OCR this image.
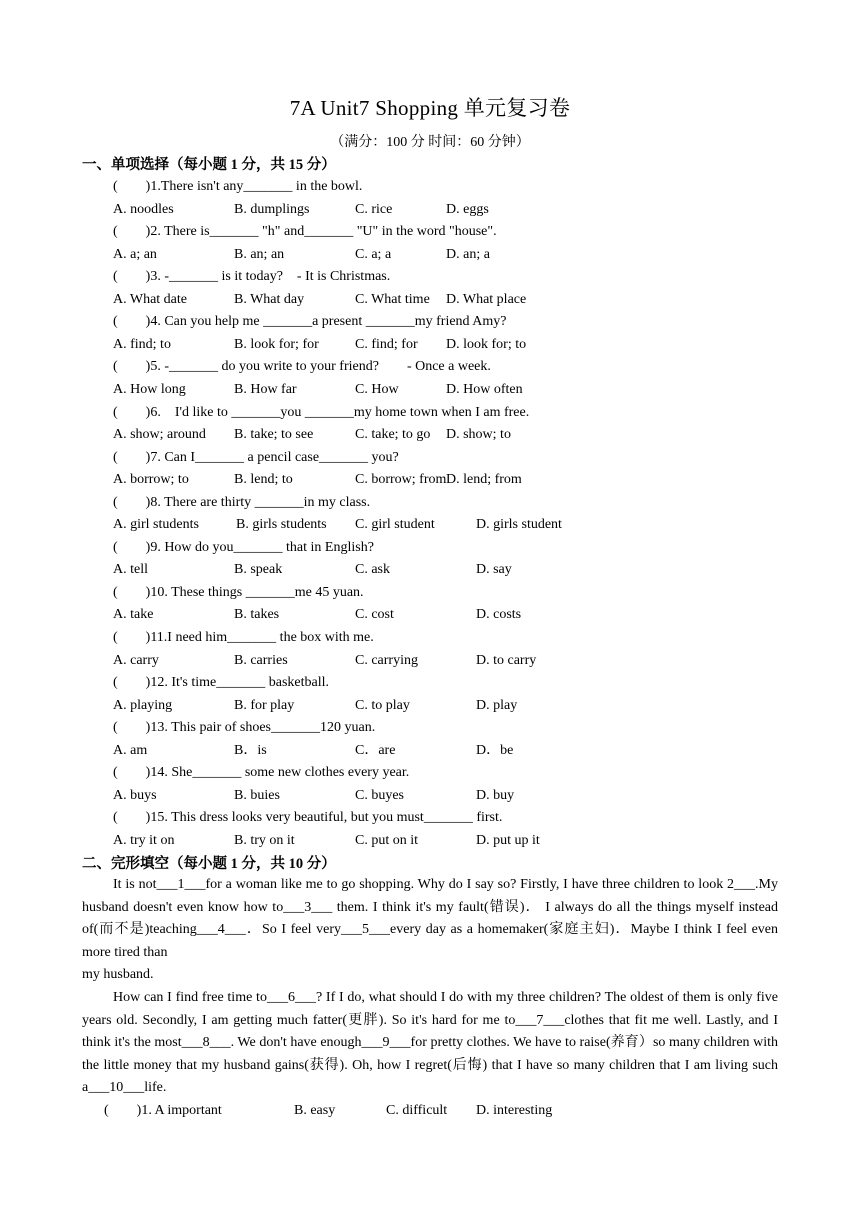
7A Unit7 Shopping 单元复习卷
（满分：100 分 时间：60 分钟）
一、单项选择（每小题 1 分，共 15 分）
(        )1.There isn't any_______ in the bowl.
A. noodles	B. dumplings	C. rice	D. eggs
(        )2. There is_______ "h" and_______ "U" in the word "house".
A. a; an	B. an; an	C. a; a	D. an; a
(        )3. -_______ is it today?    - It is Christmas.
A. What date	B. What day	C. What time D. What place
(        )4. Can you help me _______a present _______my friend Amy?
A. find; to	B. look for; for	C. find; for D. look for; to
(        )5. -_______ do you write to your friend?        - Once a week.
A. How long	B. How far	C. How	D. How often
(        )6.    I'd like to _______you _______my home town when I am free.
A. show; around B. take; to see	C. take; to go D. show; to
(        )7. Can I_______ a pencil case_______ you?
A. borrow; to	B. lend; to	C. borrow; from D. lend; from
(        )8. There are thirty _______in my class.
A. girl students	B. girls students C. girl student	D. girls student
(        )9. How do you_______ that in English?
A. tell	B. speak	C. ask	D. say
(        )10. These things _______me 45 yuan.
A. take	B. takes	C. cost	D. costs
(        )11.I need him_______ the box with me.
A. carry	B. carries	C. carrying	D. to carry
(        )12. It's time_______ basketball.
A. playing	B. for play	C. to play	D. play
(        )13. This pair of shoes_______120 yuan.
A. am	B．is	C．are	D．be
(        )14. She_______ some new clothes every year.
A. buys	B. buies	C. buyes	D. buy
(        )15. This dress looks very beautiful, but you must_______ first.
A. try it on	B. try on it	C. put on it	D. put up it
二、完形填空（每小题 1 分，共 10 分）
It is not___1___for a woman like me to go shopping. Why do I say so? Firstly, I have three children to look 2___.My husband doesn't even know how to___3___ them. I think it's my fault(错误)． I always do all the things myself instead of(而不是)teaching___4___．So I feel very___5___every day as a homemaker(家庭主妇)．Maybe I think I feel even more tired than
my husband.
How can I find free time to___6___? If I do, what should I do with my three children? The oldest of them is only five years old. Secondly, I am getting much fatter(更胖). So it's hard for me to___7___clothes that fit me well. Lastly, and I think it's the most___8___. We don't have enough___9___for pretty clothes. We have to raise(养育）so many children with the little money that my husband gains(获得). Oh, how I regret(后悔) that I have so many children that I am living such a___10___life.
(        )1. A important	B. easy	C. difficult D. interesting
